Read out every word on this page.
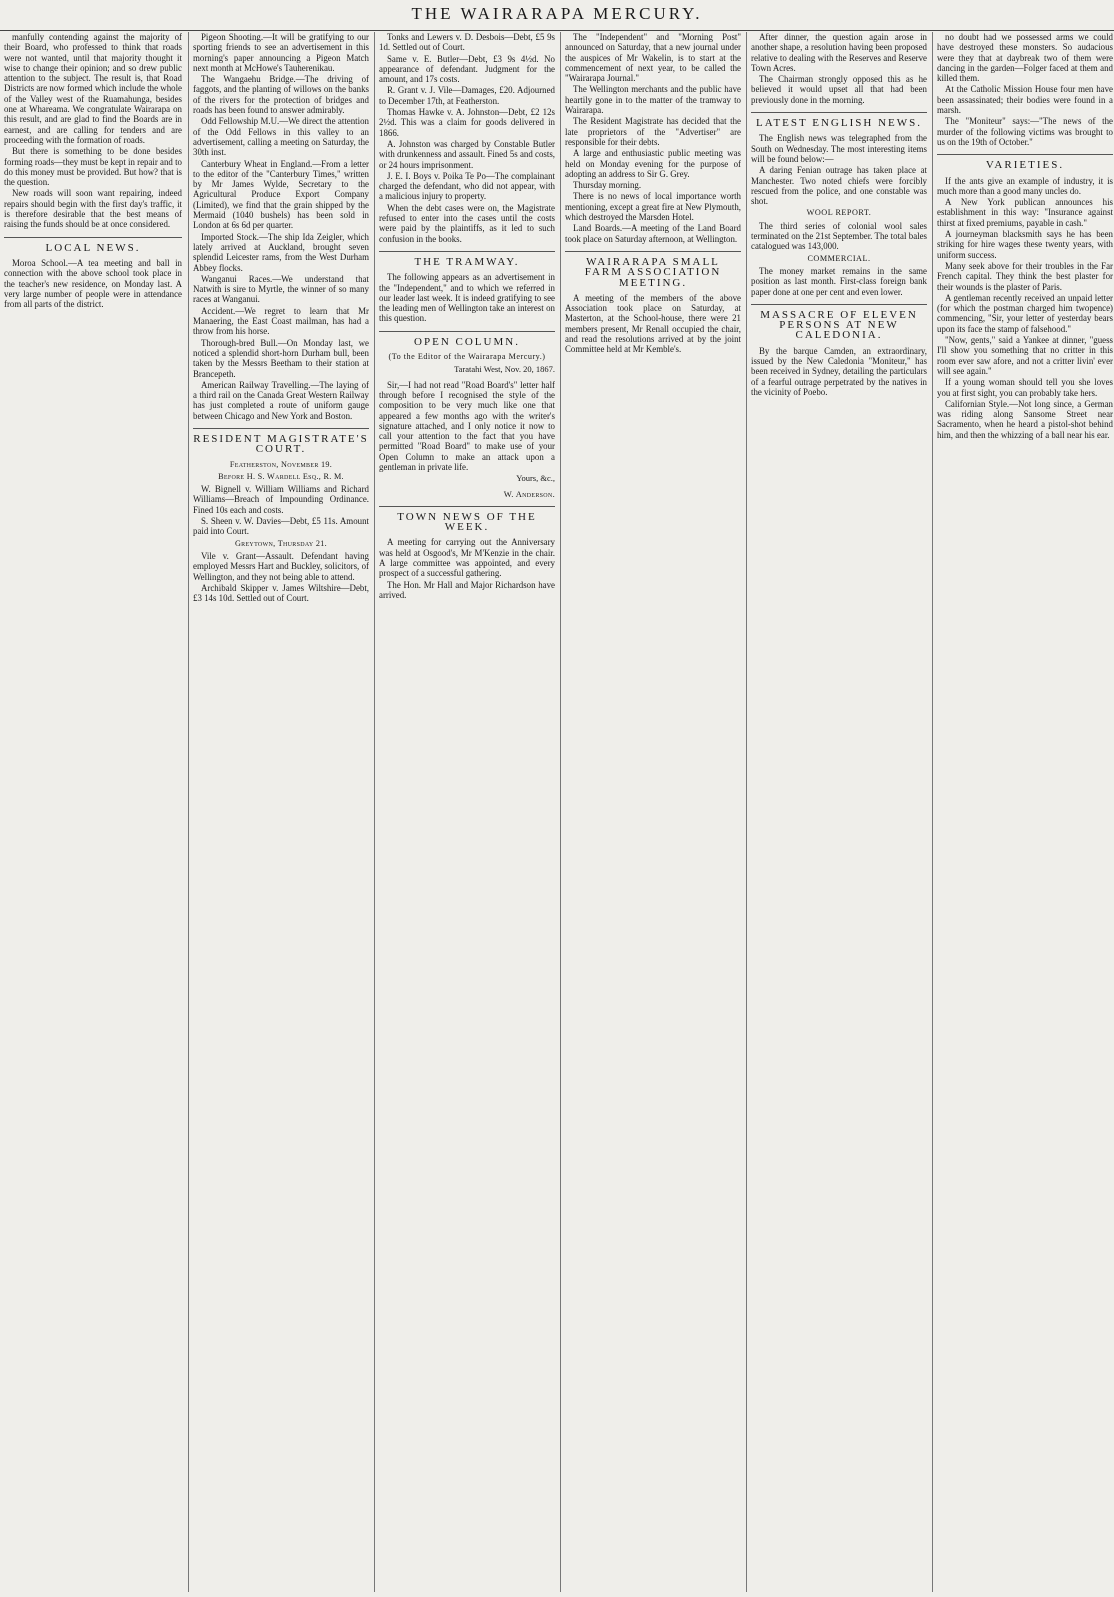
THE WAIRARAPA MERCURY.

manfully contending against the majority of their Board, who professed to think that roads were not wanted, until that majority thought it wise to change their opinion; and so drew public attention to the subject. The result is, that Road Districts are now formed which include the whole of the Valley west of the Ruamahunga, besides one at Whareama. We congratulate Wairarapa on this result, and are glad to find the Boards are in earnest, and are calling for tenders and are proceeding with the formation of roads.

But there is something to be done besides forming roads—they must be kept in repair and to do this money must be provided. But how? that is the question.

New roads will soon want repairing, indeed repairs should begin with the first day's traffic, it is therefore desirable that the best means of raising the funds should be at once considered.

LOCAL NEWS.

Moroa School.—A tea meeting and ball in connection with the above school took place in the teacher's new residence, on Monday last. A very large number of people were in attendance from all parts of the district.

Pigeon Shooting.—It will be gratifying to our sporting friends to see an advertisement in this morning's paper announcing a Pigeon Match next month at McHowe's Tauherenikau.

The Wangaehu Bridge.—The driving of faggots, and the planting of willows on the banks of the rivers for the protection of bridges and roads has been found to answer admirably.

Odd Fellowship M.U.—We direct the attention of the Odd Fellows in this valley to an advertisement, calling a meeting on Saturday, the 30th inst.

Canterbury Wheat in England.—From a letter to the editor of the "Canterbury Times," written by Mr James Wylde, Secretary to the Agricultural Produce Export Company (Limited), we find that the grain shipped by the Mermaid (1040 bushels) has been sold in London at 6s 6d per quarter.

Imported Stock.—The ship Ida Zeigler, which lately arrived at Auckland, brought seven splendid Leicester rams, from the West Durham Abbey flocks.

Wanganui Races.—We understand that Natwith is sire to Myrtle, the winner of so many races at Wanganui.

Accident.—We regret to learn that Mr Manaering, the East Coast mailman, has had a throw from his horse.

Thorough-bred Bull.—On Monday last, we noticed a splendid short-horn Durham bull, been taken by the Messrs Beetham to their station at Brancepeth.

American Railway Travelling.—The laying of a third rail on the Canada Great Western Railway has just completed a route of uniform gauge between Chicago and New York and Boston.

RESIDENT MAGISTRATE'S COURT.
Featherston, November 19.
Before H. S. Wardell Esq., R. M.

W. Bignell v. William Williams and Richard Williams—Breach of Impounding Ordinance. Fined 10s each and costs.

S. Sheen v. W. Davies—Debt, £5 11s. Amount paid into Court.

Greytown, Thursday 21.

Vile v. Grant—Assault. Defendant having employed Messrs Hart and Buckley, solicitors, of Wellington, and they not being able to attend.

Archibald Skipper v. James Wiltshire—Debt, £3 14s 10d. Settled out of Court.

Tonks and Lewers v. D. Desbois—Debt, £5 9s 1d. Settled out of Court.

Same v. E. Butler—Debt, £3 9s 4½d. No appearance of defendant. Judgment for the amount, and 17s costs.

R. Grant v. J. Vile—Damages, £20. Adjourned to December 17th, at Featherston.

Thomas Hawke v. A. Johnston—Debt, £2 12s 2½d. This was a claim for goods delivered in 1866.

A. Johnston was charged by Constable Butler with drunkenness and assault. Fined 5s and costs, or 24 hours imprisonment.

J. E. I. Boys v. Poika Te Po—The complainant charged the defendant, who did not appear, with a malicious injury to property.

When the debt cases were on, the Magistrate refused to enter into the cases until the costs were paid by the plaintiffs, as it led to such confusion in the books.

THE TRAMWAY.

The following appears as an advertisement in the "Independent," and to which we referred in our leader last week. It is indeed gratifying to see the leading men of Wellington take an interest on this question.

OPEN COLUMN.
(To the Editor of the Wairarapa Mercury.)
Taratahi West, Nov. 20, 1867.

Sir,—I had not read "Road Board's" letter half through before I recognised the style of the composition to be very much like one that appeared a few months ago with the writer's signature attached, and I only notice it now to call your attention to the fact that you have permitted "Road Board" to make use of your Open Column to make an attack upon a gentleman in private life.

Yours, &c.,
W. Anderson.
TOWN NEWS OF THE WEEK.

A meeting for carrying out the Anniversary was held at Osgood's, Mr M'Kenzie in the chair. A large committee was appointed, and every prospect of a successful gathering.

The Hon. Mr Hall and Major Richardson have arrived.

The "Independent" and "Morning Post" announced on Saturday, that a new journal under the auspices of Mr Wakelin, is to start at the commencement of next year, to be called the "Wairarapa Journal."

The Wellington merchants and the public have heartily gone in to the matter of the tramway to Wairarapa.

The Resident Magistrate has decided that the late proprietors of the "Advertiser" are responsible for their debts.

A large and enthusiastic public meeting was held on Monday evening for the purpose of adopting an address to Sir G. Grey.

Thursday morning.

There is no news of local importance worth mentioning, except a great fire at New Plymouth, which destroyed the Marsden Hotel.

Land Boards.—A meeting of the Land Board took place on Saturday afternoon, at Wellington.

WAIRARAPA SMALL FARM ASSOCIATION MEETING.

A meeting of the members of the above Association took place on Saturday, at Masterton, at the School-house, there were 21 members present, Mr Renall occupied the chair, and read the resolutions arrived at by the joint Committee held at Mr Kemble's.

After dinner, the question again arose in another shape, a resolution having been proposed relative to dealing with the Reserves and Reserve Town Acres.

The Chairman strongly opposed this as he believed it would upset all that had been previously done in the morning.

LATEST ENGLISH NEWS.

The English news was telegraphed from the South on Wednesday. The most interesting items will be found below:—

A daring Fenian outrage has taken place at Manchester. Two noted chiefs were forcibly rescued from the police, and one constable was shot.

WOOL REPORT.

The third series of colonial wool sales terminated on the 21st September. The total bales catalogued was 143,000.

COMMERCIAL.

The money market remains in the same position as last month. First-class foreign bank paper done at one per cent and even lower.

MASSACRE OF ELEVEN PERSONS AT NEW CALEDONIA.

By the barque Camden, an extraordinary, issued by the New Caledonia "Moniteur," has been received in Sydney, detailing the particulars of a fearful outrage perpetrated by the natives in the vicinity of Poebo.

no doubt had we possessed arms we could have destroyed these monsters. So audacious were they that at daybreak two of them were dancing in the garden—Folger faced at them and killed them.

At the Catholic Mission House four men have been assassinated; their bodies were found in a marsh.

The "Moniteur" says:—"The news of the murder of the following victims was brought to us on the 19th of October."

VARIETIES.

If the ants give an example of industry, it is much more than a good many uncles do.

A New York publican announces his establishment in this way: "Insurance against thirst at fixed premiums, payable in cash."

A journeyman blacksmith says he has been striking for hire wages these twenty years, with uniform success.

Many seek above for their troubles in the Far French capital. They think the best plaster for their wounds is the plaster of Paris.

A gentleman recently received an unpaid letter (for which the postman charged him twopence) commencing, "Sir, your letter of yesterday bears upon its face the stamp of falsehood."

"Now, gents," said a Yankee at dinner, "guess I'll show you something that no critter in this room ever saw afore, and not a critter livin' ever will see again."

If a young woman should tell you she loves you at first sight, you can probably take hers.

Californian Style.—Not long since, a German was riding along Sansome Street near Sacramento, when he heard a pistol-shot behind him, and then the whizzing of a ball near his ear.
